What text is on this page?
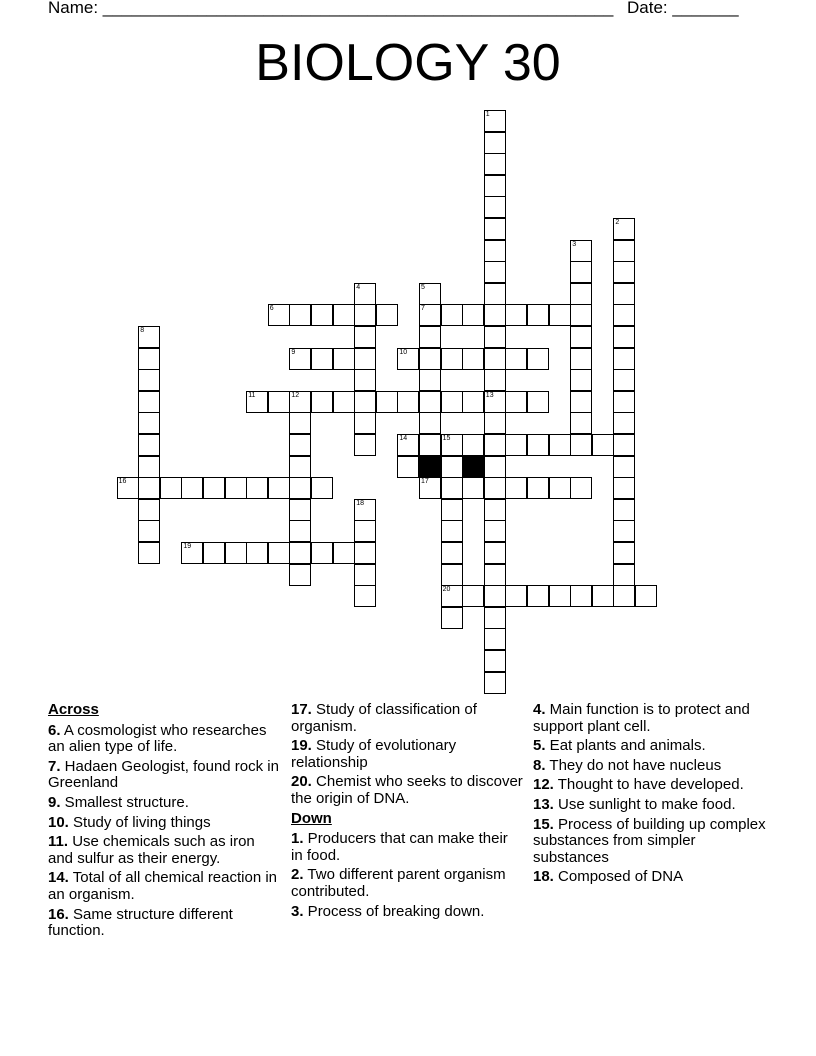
Name: ______________________________________________________ Date: _______
BIOLOGY 30
1
13
2
3
4	5
7
6
8
9	10
11	12
14	15
20
16	17
18
19
Across
6. A cosmologist who researches an alien type of life.
7. Hadaen Geologist, found rock in Greenland
9. Smallest structure.
10. Study of living things
11. Use chemicals such as iron and sulfur as their energy.
14. Total of all chemical reaction in an organism.
16. Same structure different function.
17. Study of classification of organism.
19. Study of evolutionary relationship
20. Chemist who seeks to discover the origin of DNA.
Down
1. Producers that can make their in food.
2. Two different parent organism contributed.
3. Process of breaking down.
4. Main function is to protect and support plant cell.
5. Eat plants and animals.
8. They do not have nucleus
12. Thought to have developed.
13. Use sunlight to make food.
15. Process of building up complex substances from simpler substances
18. Composed of DNA
